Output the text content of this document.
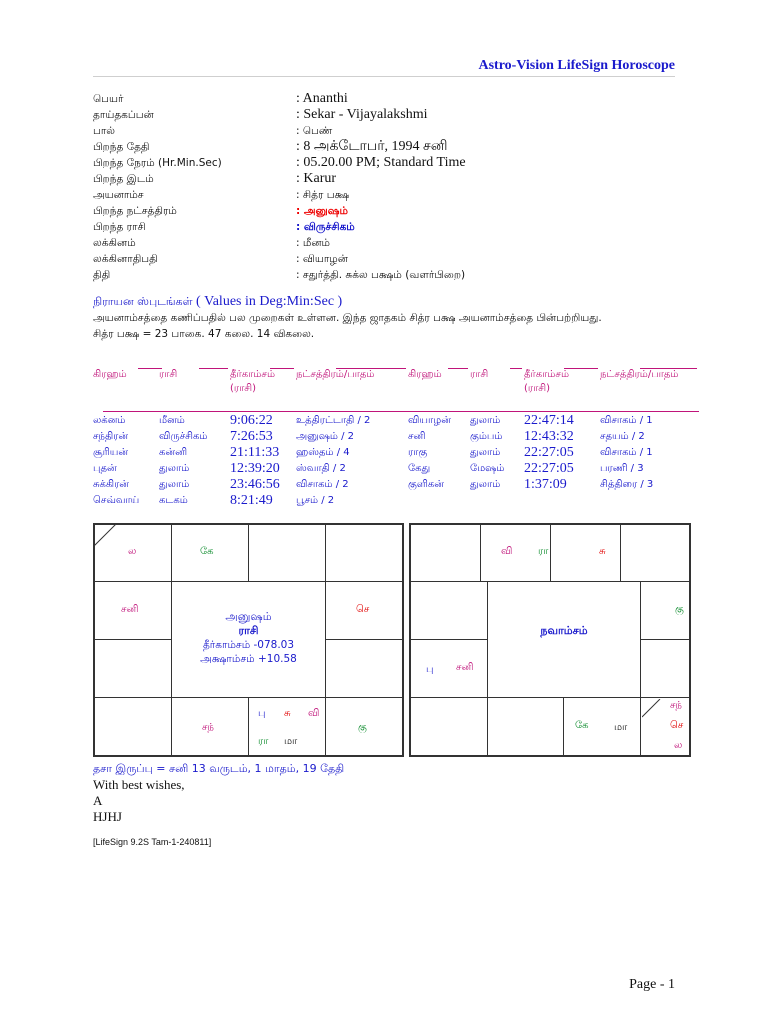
Astro-Vision LifeSign Horoscope
பெயர்	: Ananthi
தாய்தகப்பன்	: Sekar - Vijayalakshmi
பால்	: பெண்
பிறந்த தேதி	: 8 அக்டோபர், 1994 சனி
பிறந்த நேரம் (Hr.Min.Sec)	: 05.20.00 PM; Standard Time
பிறந்த இடம்	: Karur
அயனாம்ச	: சித்ர பக்ஷ
பிறந்த நட்சத்திரம்	: அனுஷம்
பிறந்த ராசி	: விருச்சிகம்
லக்கினம்	: மீனம்
லக்கினாதிபதி	: வியாழன்
திதி	: சதுர்த்தி. சுக்ல பக்ஷம் (வளர்பிறை)
நிராயன ஸ்புடங்கள் ( Values in Deg:Min:Sec )
அயனாம்சத்தை கணிப்பதில் பல முறைகள் உள்ளன. இந்த ஜாதகம் சித்ர பக்ஷ அயனாம்சத்தை பின்பற்றியது.
சித்ர பக்ஷ = 23 பாகை. 47 கலை. 14 விகலை.
கிரஹம்	ராசி	தீர்காம்சம்
(ராசி)
நட்சத்திரம்/பாதம்	கிரஹம்	ராசி	தீர்காம்சம்
(ராசி)
நட்சத்திரம்/பாதம்
லக்னம்	மீனம்	9:06:22 உத்திரட்டாதி / 2	வியாழன் துலாம் 22:47:14	விசாகம் / 1
சந்திரன்	விருச்சிகம் 7:26:53 அனுஷம் / 2	சனி	கும்பம் 12:43:32	சதயம் / 2
சூரியன்	கன்னி	21:11:33 ஹஸ்தம் / 4	ராகு	துலாம் 22:27:05	விசாகம் / 1
புதன்	துலாம்	12:39:20 ஸ்வாதி / 2	கேது	மேஷம் 22:27:05	பரணி / 3
சுக்கிரன்	துலாம்	23:46:56 விசாகம் / 2	குளிகன்	துலாம் 1:37:09	சித்திரை / 3
செவ்வாய் கடகம்	8:21:49 பூசம் / 2
ல	கே
சனி	செ
சந்
பு சு வி
ரா மா
கு
அனுஷம்
ராசி
தீர்காம்சம் -078.03
அக்ஷாம்சம் +10.58
வி	ரா	சு
கு
பு சனி
கே	மா
சந்
செ
ல
நவாம்சம்
தசா இருப்பு = சனி 13 வருடம், 1 மாதம், 19 தேதி
With best wishes,
A
HJHJ
[LifeSign 9.2S Tam-1-240811]
Page - 1
